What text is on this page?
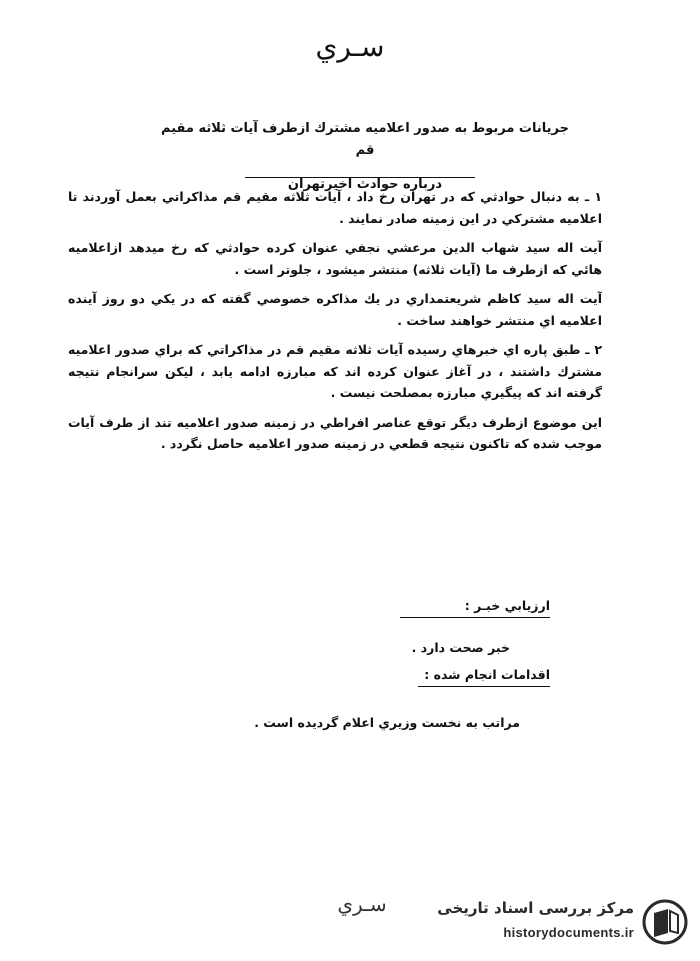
سـري
جريانات مربوط به صدور اعلاميه مشترك ازطرف آيات ثلاثه مقيم قم
درباره حوادث اخيرتهران

١ ـ به دنبال حوادثي كه در تهران رخ داد ، آيات ثلاثه مقيم قم مذاكراتي بعمل آوردند تا اعلاميه مشتركي در اين زمينه صادر نمايند .

آيت اله سيد شهاب الدين مرعشي نجفي عنوان كرده حوادثي كه رخ ميدهد ازاعلاميه هائي كه ازطرف ما (آيات ثلاثه) منتشر ميشود ، جلوتر است .

آيت اله سيد كاظم شريعتمداري در يك مذاكره خصوصي گفته كه در يكي دو روز آينده اعلاميه اي منتشر خواهند ساخت .

٢ ـ طبق پاره اي خبرهاي رسيده آيات ثلاثه مقيم قم در مذاكراتي كه براي صدور اعلاميه مشترك داشتند ، در آغاز عنوان كرده اند كه مبارزه ادامه يابد ، ليكن سرانجام نتيجه گرفته اند كه پيگيري مبارزه بمصلحت نيست .

اين موضوع ازطرف ديگر توقع عناصر افراطي در زمينه صدور اعلاميه تند از طرف آيات موجب شده كه تاكنون نتيجه قطعي در زمينه صدور اعلاميه حاصل نگردد .

ارزيابي خبـر :
خبر صحت دارد .
اقدامات انجام شده :
مراتب به نخست وزيري اعلام گرديده است .
سـري	مرکز بررسی اسناد تاریخی
historydocuments.ir
